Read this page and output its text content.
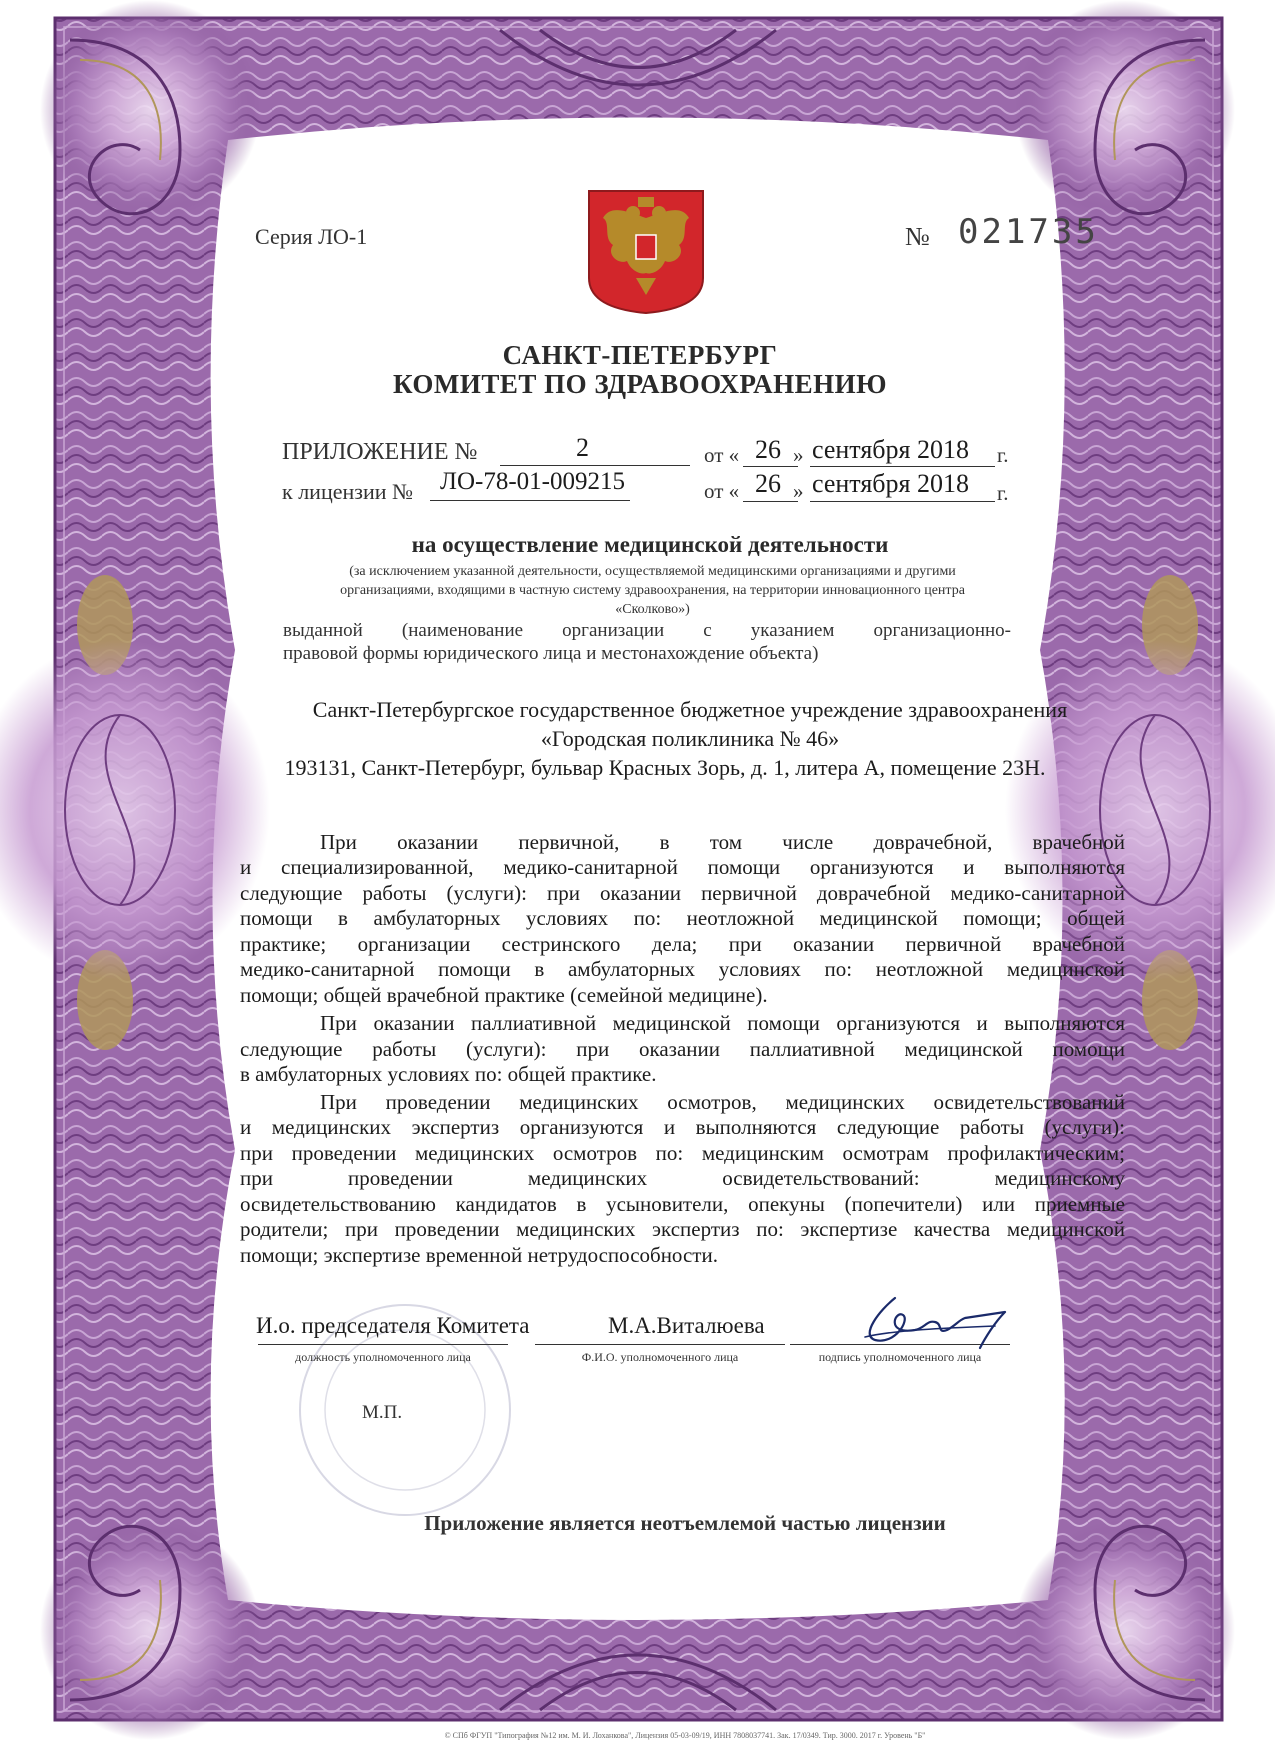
Серия ЛО-1	№ 021735
САНКТ-ПЕТЕРБУРГ
КОМИТЕТ ПО ЗДРАВООХРАНЕНИЮ
ПРИЛОЖЕНИЕ №	2	от « 26 » сентября 2018 г.
к лицензии № ЛО-78-01-009215	от « 26 » сентября 2018 г.
на осуществление медицинской деятельности
(за исключением указанной деятельности, осуществляемой медицинскими организациями и другими
организациями, входящими в частную систему здравоохранения, на территории инновационного центра
«Сколково»)
выданной (наименование организации с указанием организационно-
правовой формы юридического лица и местонахождение объекта)
Санкт-Петербургское государственное бюджетное учреждение здравоохранения
«Городская поликлиника № 46»
193131, Санкт-Петербург, бульвар Красных Зорь, д. 1, литера А, помещение 23Н.
При оказании первичной, в том числе доврачебной, врачебной
и специализированной, медико-санитарной помощи организуются и выполняются
следующие работы (услуги): при оказании первичной доврачебной медико-санитарной
помощи в амбулаторных условиях по: неотложной медицинской помощи; общей
практике; организации сестринского дела; при оказании первичной врачебной
медико-санитарной помощи в амбулаторных условиях по: неотложной медицинской
помощи; общей врачебной практике (семейной медицине).
При оказании паллиативной медицинской помощи организуются и выполняются
следующие работы (услуги): при оказании паллиативной медицинской помощи
в амбулаторных условиях по: общей практике.
При проведении медицинских осмотров, медицинских освидетельствований
и медицинских экспертиз организуются и выполняются следующие работы (услуги):
при проведении медицинских осмотров по: медицинским осмотрам профилактическим;
при проведении медицинских освидетельствований: медицинскому
освидетельствованию кандидатов в усыновители, опекуны (попечители) или приемные
родители; при проведении медицинских экспертиз по: экспертизе качества медицинской
помощи; экспертизе временной нетрудоспособности.
И.о. председателя Комитета	М.А.Виталюева
должность уполномоченного лица	Ф.И.О. уполномоченного лица	подпись уполномоченного лица
М.П.
Приложение является неотъемлемой частью лицензии
© СПб ФГУП "Типография №12 им. М. И. Лоханкова", Лицензия 05-03-09/19, ИНН 7808037741. Зак. 17/0349. Тир. 3000. 2017 г. Уровень "Б"
